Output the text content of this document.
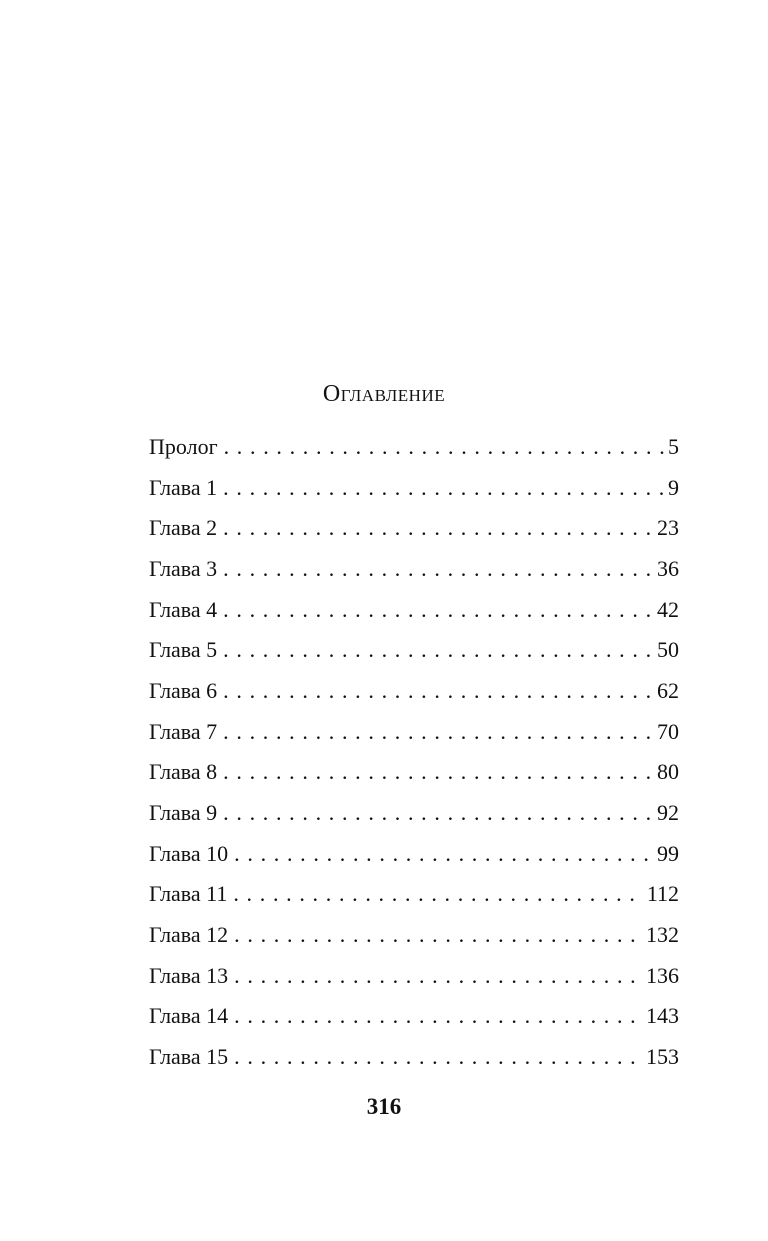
Оглавление
Пролог . . .	5
Глава 1 . . .	9
Глава 2 . . .	23
Глава 3 . . .	36
Глава 4 . . .	42
Глава 5 . . .	50
Глава 6 . . .	62
Глава 7 . . .	70
Глава 8 . . .	80
Глава 9 . . .	92
Глава 10 . . .	99
Глава 11 . . .	112
Глава 12 . . .	132
Глава 13 . . .	136
Глава 14 . . .	143
Глава 15 . . .	153
316
